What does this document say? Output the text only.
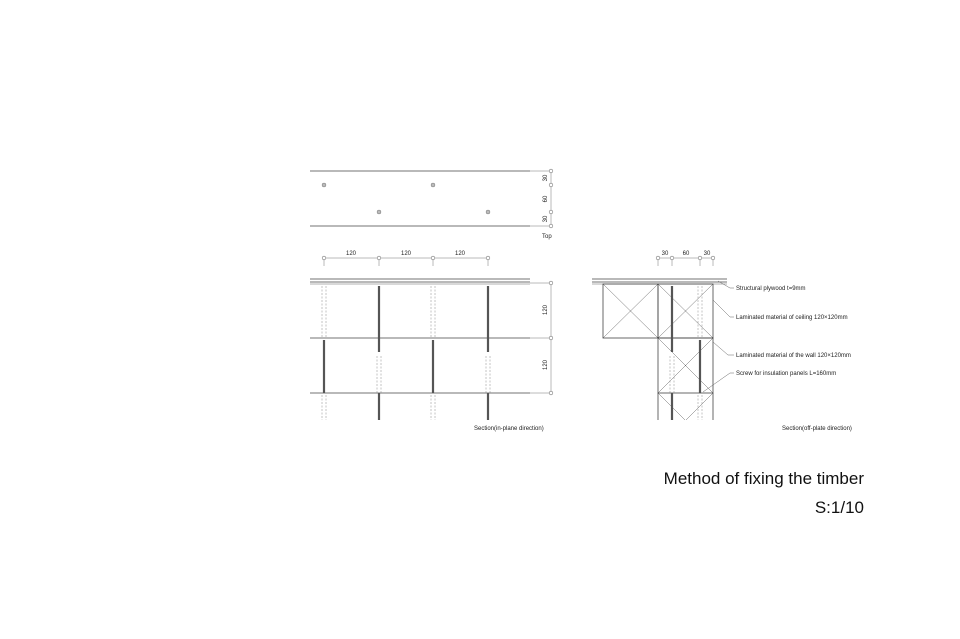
30
60
30
Top
120	120	120
120
120
Section(in-plane direction)
30 60 30
Structural plywood t=9mm
Laminated material of ceiling 120×120mm
Laminated material of the wall 120×120mm
Screw for insulation panels L=160mm
Section(off-plate direction)
Method of fixing the timber
S:1/10
